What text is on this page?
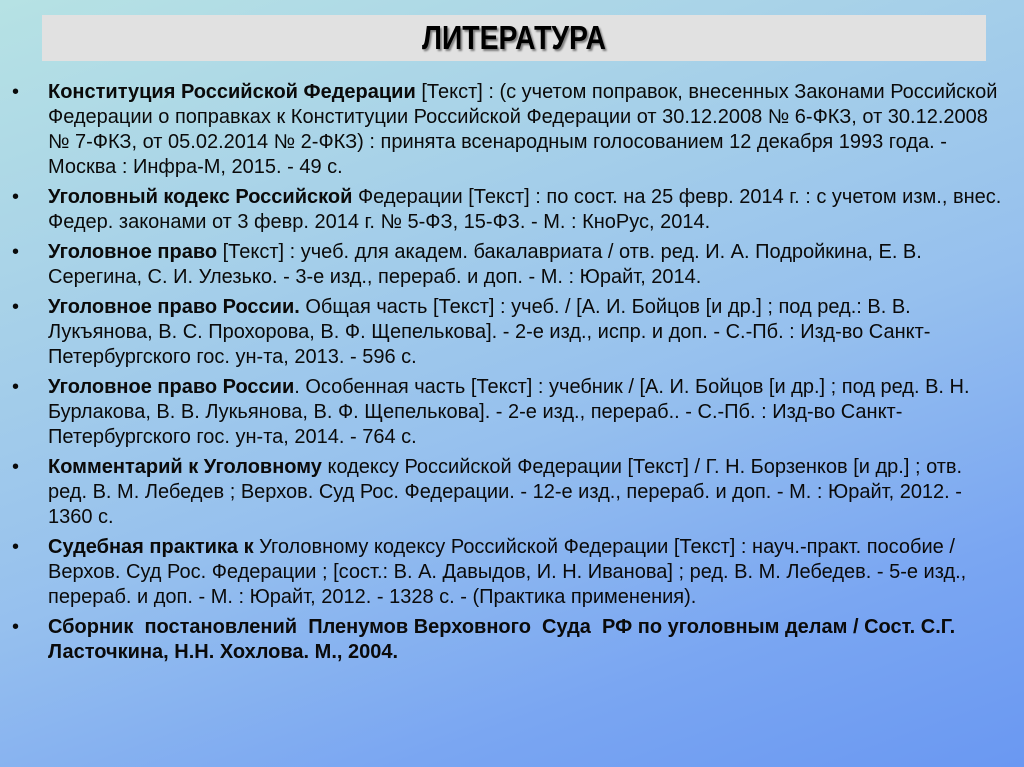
ЛИТЕРАТУРА
• Конституция Российской Федерации [Текст] : (с учетом поправок, внесенных Законами Российской Федерации о поправках к Конституции Российской Федерации от 30.12.2008 № 6-ФКЗ, от 30.12.2008 № 7-ФКЗ, от 05.02.2014 № 2-ФКЗ) : принята всенародным голосованием 12 декабря 1993 года. - Москва : Инфра-М, 2015. - 49 с.
• Уголовный кодекс Российской Федерации [Текст] : по сост. на 25 февр. 2014 г. : с учетом изм., внес. Федер. законами от 3 февр. 2014 г. № 5-ФЗ, 15-ФЗ. - М. : КноРус, 2014.
• Уголовное право [Текст] : учеб. для академ. бакалавриата / отв. ред. И. А. Подройкина, Е. В. Серегина, С. И. Улезько. - 3-е изд., перераб. и доп. - М. : Юрайт, 2014.
• Уголовное право России. Общая часть [Текст] : учеб. / [А. И. Бойцов [и др.] ; под ред.: В. В. Лукъянова, В. С. Прохорова, В. Ф. Щепелькова]. - 2-е изд., испр. и доп. - С.-Пб. : Изд-во Санкт-Петербургского гос. ун-та, 2013. - 596 с.
• Уголовное право России. Особенная часть [Текст] : учебник / [А. И. Бойцов [и др.] ; под ред. В. Н. Бурлакова, В. В. Лукьянова, В. Ф. Щепелькова]. - 2-е изд., перераб.. - С.-Пб. : Изд-во Санкт-Петербургского гос. ун-та, 2014. - 764 с.
• Комментарий к Уголовному кодексу Российской Федерации [Текст] / Г. Н. Борзенков [и др.] ; отв. ред. В. М. Лебедев ; Верхов. Суд Рос. Федерации. - 12-е изд., перераб. и доп. - М. : Юрайт, 2012. - 1360 с.
• Судебная практика к Уголовному кодексу Российской Федерации [Текст] : науч.-практ. пособие / Верхов. Суд Рос. Федерации ; [сост.: В. А. Давыдов, И. Н. Иванова] ; ред. В. М. Лебедев. - 5-е изд., перераб. и доп. - М. : Юрайт, 2012. - 1328 с. - (Практика применения).
• Сборник  постановлений  Пленумов Верховного  Суда  РФ по уголовным делам / Сост. С.Г. Ласточкина, Н.Н. Хохлова. М., 2004.
